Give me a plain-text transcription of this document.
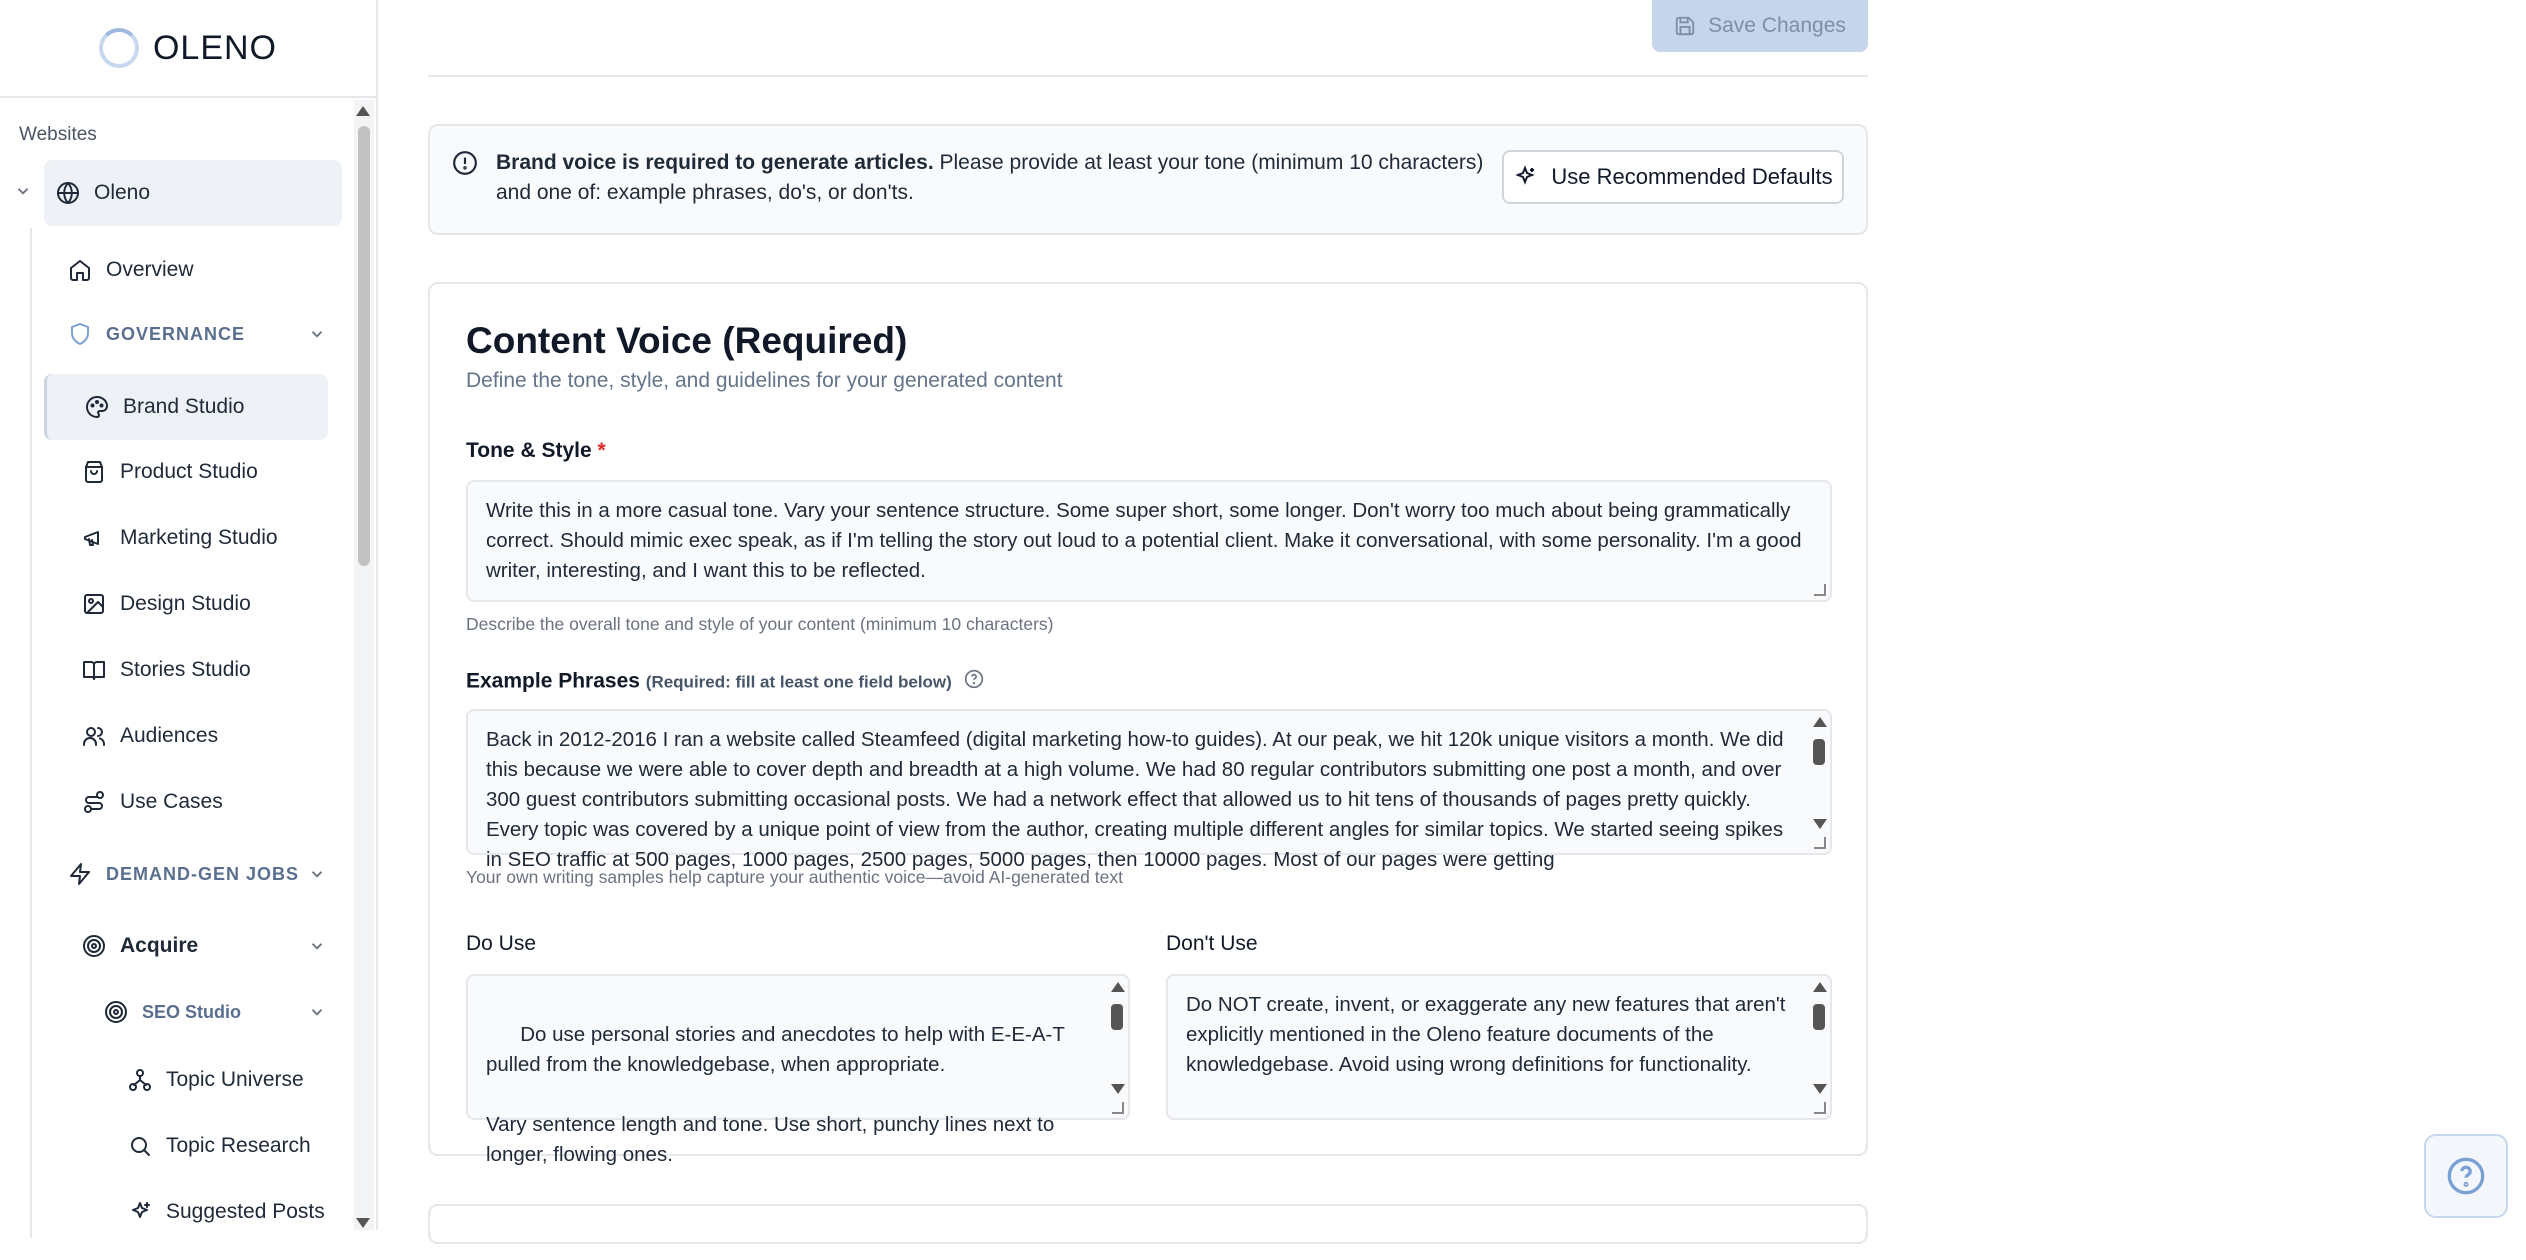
OLENO
Websites
Oleno
Overview
GOVERNANCE
Brand Studio
Product Studio
Marketing Studio
Design Studio
Stories Studio
Audiences
Use Cases
DEMAND-GEN JOBS
Acquire
SEO Studio
Topic Universe
Topic Research
Suggested Posts
Save Changes
Brand voice is required to generate articles. Please provide at least your tone (minimum 10 characters) and one of: example phrases, do's, or don'ts.
Use Recommended Defaults
Content Voice (Required)
Define the tone, style, and guidelines for your generated content
Tone & Style *
Write this in a more casual tone. Vary your sentence structure. Some super short, some longer. Don't worry too much about being grammatically correct. Should mimic exec speak, as if I'm telling the story out loud to a potential client. Make it conversational, with some personality. I'm a good writer, interesting, and I want this to be reflected.
Describe the overall tone and style of your content (minimum 10 characters)
Example Phrases (Required: fill at least one field below)
Back in 2012-2016 I ran a website called Steamfeed (digital marketing how-to guides). At our peak, we hit 120k unique visitors a month. We did this because we were able to cover depth and breadth at a high volume. We had 80 regular contributors submitting one post a month, and over 300 guest contributors submitting occasional posts. We had a network effect that allowed us to hit tens of thousands of pages pretty quickly. Every topic was covered by a unique point of view from the author, creating multiple different angles for similar topics. We started seeing spikes in SEO traffic at 500 pages, 1000 pages, 2500 pages, 5000 pages, then 10000 pages. Most of our pages were getting
Your own writing samples help capture your authentic voice—avoid AI-generated text
Do Use

Do use personal stories and anecdotes to help with E-E-A-T pulled from the knowledgebase, when appropriate.

Vary sentence length and tone. Use short, punchy lines next to longer, flowing ones.

Don't Use
Do NOT create, invent, or exaggerate any new features that aren't explicitly mentioned in the Oleno feature documents of the knowledgebase. Avoid using wrong definitions for functionality.
